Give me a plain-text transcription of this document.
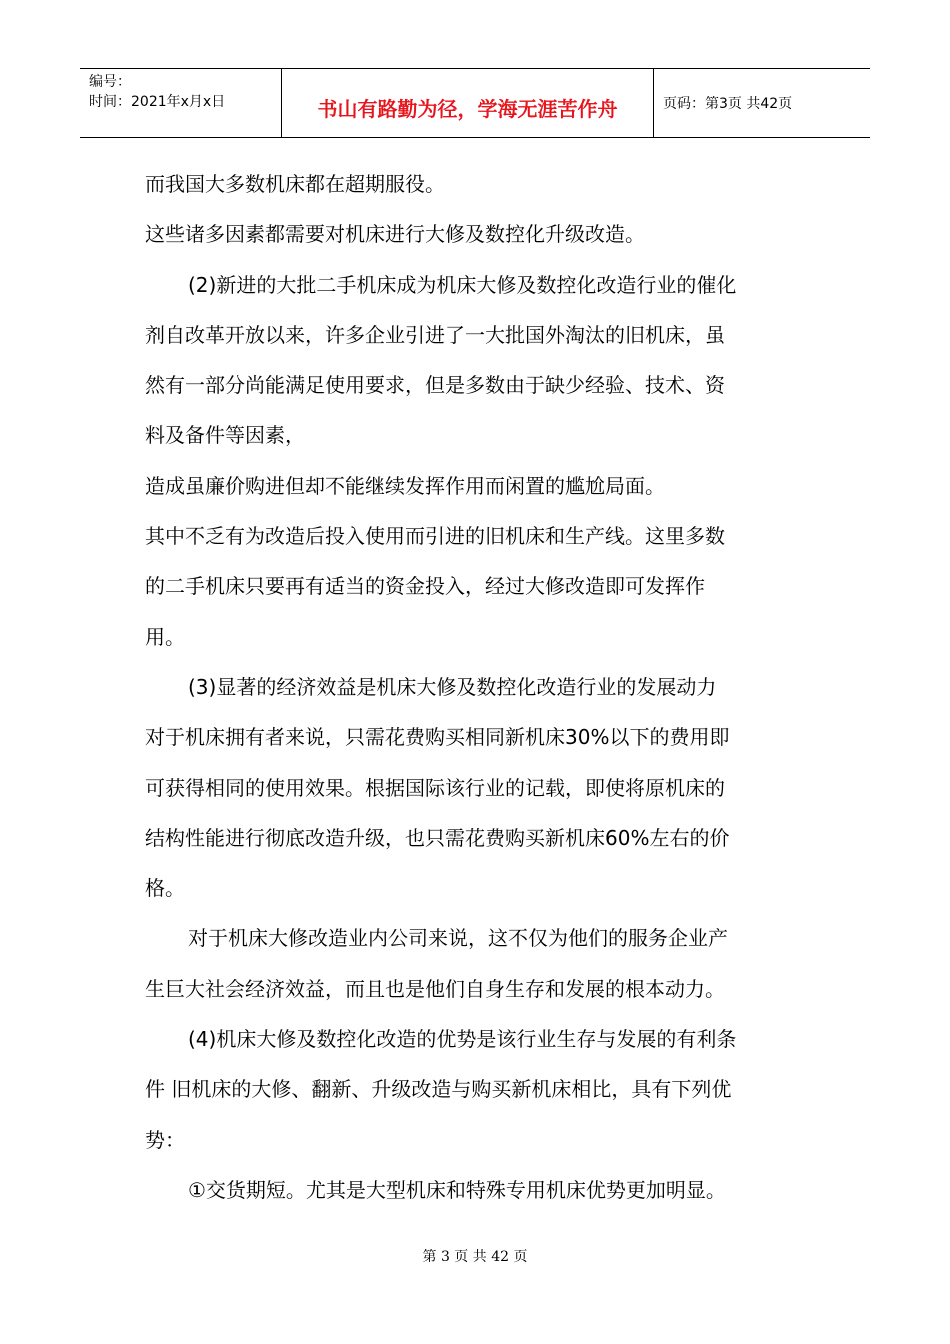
编号：
时间：2021年x月x日	书山有路勤为径，学海无涯苦作舟	页码：第3页 共42页
而我国大多数机床都在超期服役。
这些诸多因素都需要对机床进行大修及数控化升级改造。
(2)新进的大批二手机床成为机床大修及数控化改造行业的催化
剂自改革开放以来，许多企业引进了一大批国外淘汰的旧机床，虽
然有一部分尚能满足使用要求，但是多数由于缺少经验、技术、资
料及备件等因素，
造成虽廉价购进但却不能继续发挥作用而闲置的尴尬局面。
其中不乏有为改造后投入使用而引进的旧机床和生产线。这里多数
的二手机床只要再有适当的资金投入，经过大修改造即可发挥作
用。
(3)显著的经济效益是机床大修及数控化改造行业的发展动力
对于机床拥有者来说，只需花费购买相同新机床30%以下的费用即
可获得相同的使用效果。根据国际该行业的记载，即使将原机床的
结构性能进行彻底改造升级，也只需花费购买新机床60%左右的价
格。
对于机床大修改造业内公司来说，这不仅为他们的服务企业产
生巨大社会经济效益，而且也是他们自身生存和发展的根本动力。
(4)机床大修及数控化改造的优势是该行业生存与发展的有利条
件 旧机床的大修、翻新、升级改造与购买新机床相比，具有下列优
势：
①交货期短。尤其是大型机床和特殊专用机床优势更加明显。
第 3 页 共 42 页
